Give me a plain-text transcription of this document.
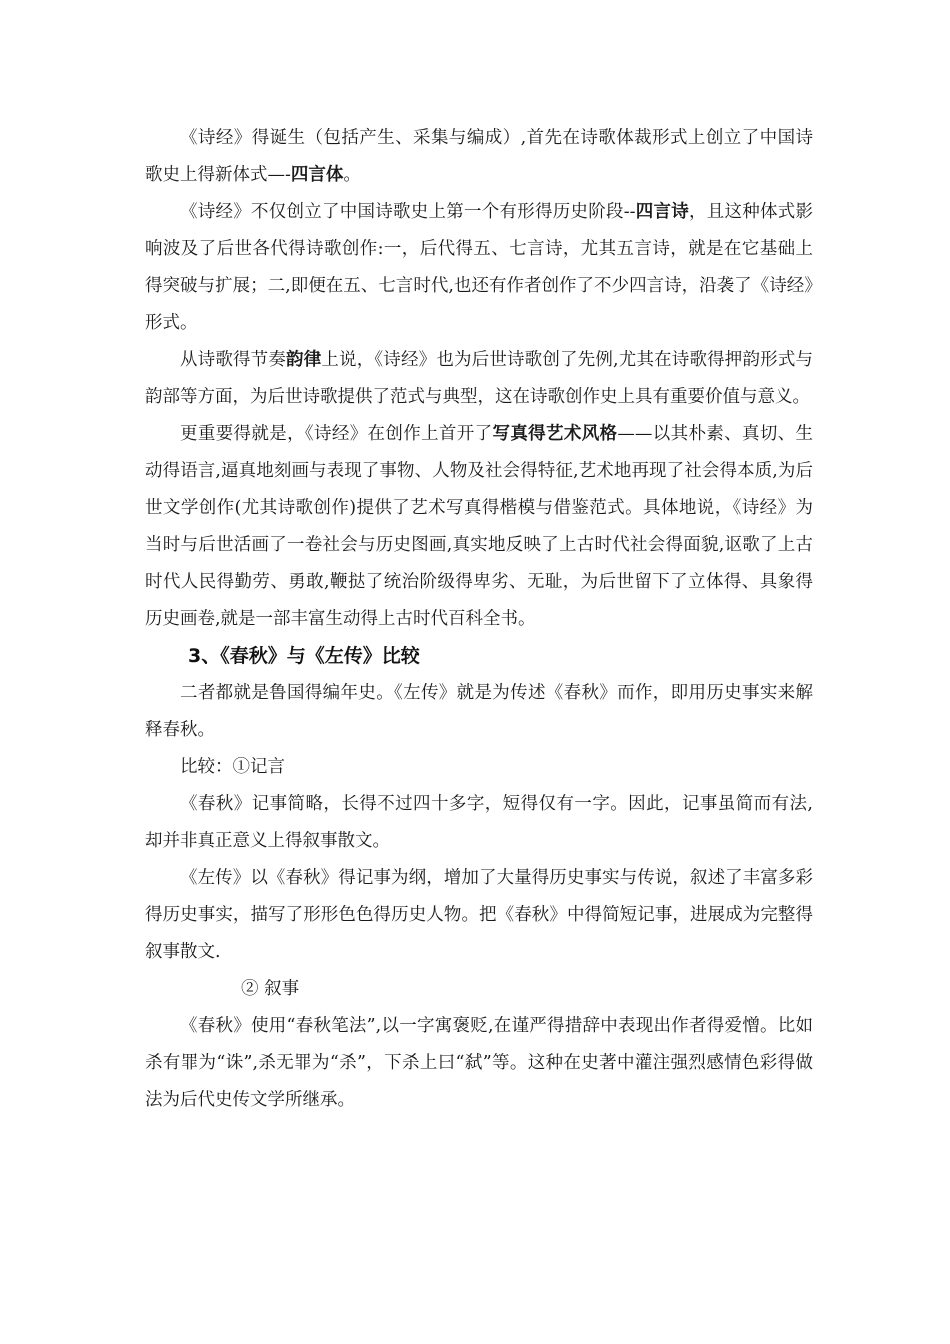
《诗经》得诞生（包括产生、采集与编成）,首先在诗歌体裁形式上创立了中国诗歌史上得新体式—-四言体。

《诗经》不仅创立了中国诗歌史上第一个有形得历史阶段--四言诗，且这种体式影响波及了后世各代得诗歌创作:一，后代得五、七言诗，尤其五言诗，就是在它基础上得突破与扩展；二,即便在五、七言时代,也还有作者创作了不少四言诗，沿袭了《诗经》形式。

从诗歌得节奏韵律上说，《诗经》也为后世诗歌创了先例,尤其在诗歌得押韵形式与韵部等方面，为后世诗歌提供了范式与典型，这在诗歌创作史上具有重要价值与意义。

更重要得就是，《诗经》在创作上首开了写真得艺术风格——以其朴素、真切、生动得语言,逼真地刻画与表现了事物、人物及社会得特征,艺术地再现了社会得本质,为后世文学创作(尤其诗歌创作)提供了艺术写真得楷模与借鉴范式。具体地说，《诗经》为当时与后世活画了一卷社会与历史图画,真实地反映了上古时代社会得面貌,讴歌了上古时代人民得勤劳、勇敢,鞭挞了统治阶级得卑劣、无耻，为后世留下了立体得、具象得历史画卷,就是一部丰富生动得上古时代百科全书。

3、《春秋》与《左传》比较

二者都就是鲁国得编年史。《左传》就是为传述《春秋》而作，即用历史事实来解释春秋。

比较：①记言

《春秋》记事简略，长得不过四十多字，短得仅有一字。因此，记事虽简而有法,却并非真正意义上得叙事散文。

《左传》以《春秋》得记事为纲，增加了大量得历史事实与传说，叙述了丰富多彩得历史事实，描写了形形色色得历史人物。把《春秋》中得简短记事，进展成为完整得叙事散文.

② 叙事

《春秋》使用“春秋笔法”,以一字寓褒贬,在谨严得措辞中表现出作者得爱憎。比如杀有罪为“诛”,杀无罪为“杀”，下杀上曰“弑”等。这种在史著中灌注强烈感情色彩得做法为后代史传文学所继承。
